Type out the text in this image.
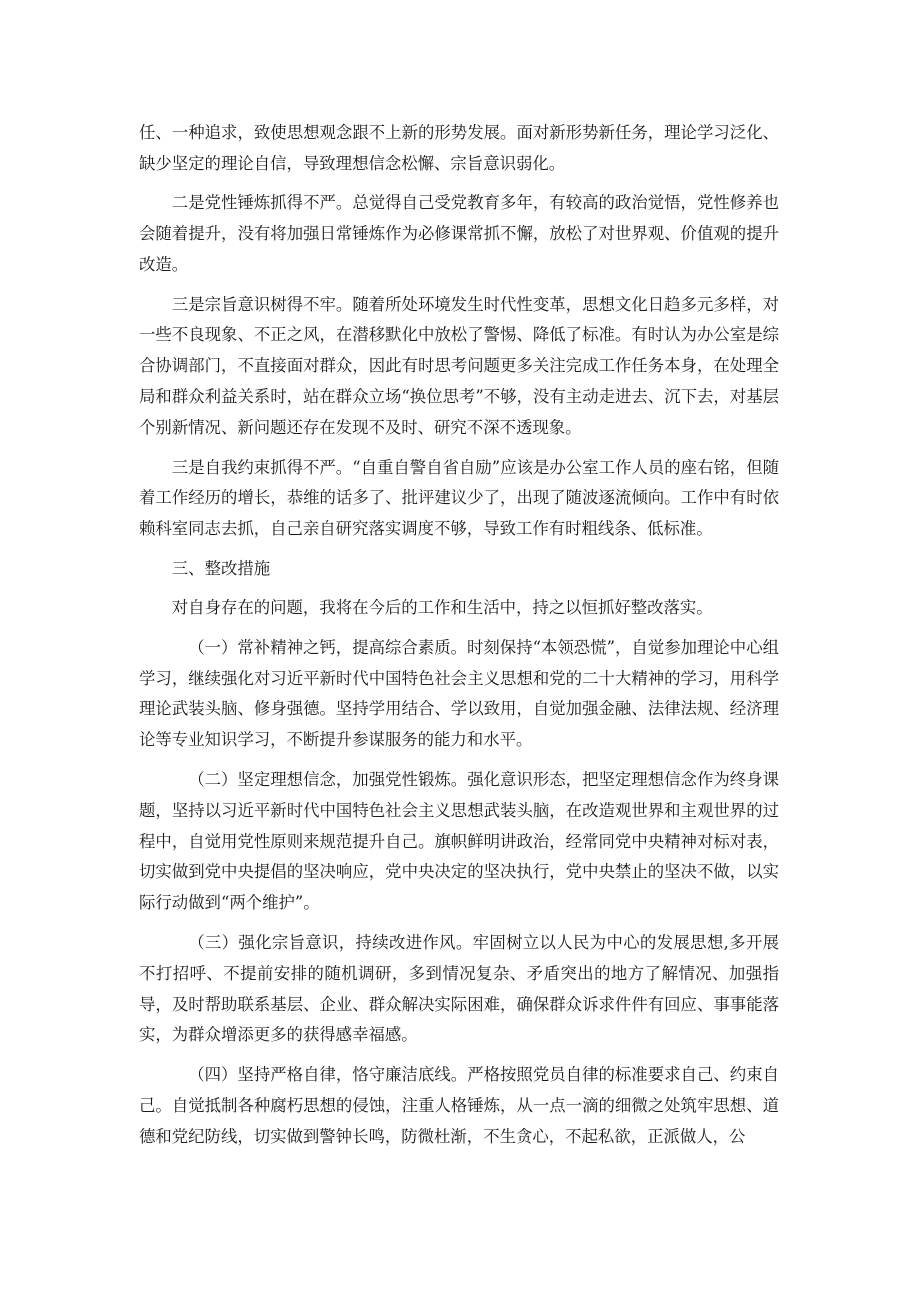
任、一种追求，致使思想观念跟不上新的形势发展。面对新形势新任务，理论学习泛化、缺少坚定的理论自信，导致理想信念松懈、宗旨意识弱化。

二是党性锤炼抓得不严。总觉得自己受党教育多年，有较高的政治觉悟，党性修养也会随着提升，没有将加强日常锤炼作为必修课常抓不懈，放松了对世界观、价值观的提升改造。

三是宗旨意识树得不牢。随着所处环境发生时代性变革，思想文化日趋多元多样，对一些不良现象、不正之风，在潜移默化中放松了警惕、降低了标准。有时认为办公室是综合协调部门，不直接面对群众，因此有时思考问题更多关注完成工作任务本身，在处理全局和群众利益关系时，站在群众立场“换位思考”不够，没有主动走进去、沉下去，对基层个别新情况、新问题还存在发现不及时、研究不深不透现象。

三是自我约束抓得不严。“自重自警自省自励”应该是办公室工作人员的座右铭，但随着工作经历的增长，恭维的话多了、批评建议少了，出现了随波逐流倾向。工作中有时依赖科室同志去抓，自己亲自研究落实调度不够，导致工作有时粗线条、低标准。

三、整改措施

对自身存在的问题，我将在今后的工作和生活中，持之以恒抓好整改落实。

（一）常补精神之钙，提高综合素质。时刻保持“本领恐慌”，自觉参加理论中心组学习，继续强化对习近平新时代中国特色社会主义思想和党的二十大精神的学习，用科学理论武装头脑、修身强德。坚持学用结合、学以致用，自觉加强金融、法律法规、经济理论等专业知识学习，不断提升参谋服务的能力和水平。

（二）坚定理想信念，加强党性锻炼。强化意识形态，把坚定理想信念作为终身课题，坚持以习近平新时代中国特色社会主义思想武装头脑，在改造观世界和主观世界的过程中，自觉用党性原则来规范提升自己。旗帜鲜明讲政治，经常同党中央精神对标对表，切实做到党中央提倡的坚决响应，党中央决定的坚决执行，党中央禁止的坚决不做，以实际行动做到“两个维护”。

（三）强化宗旨意识，持续改进作风。牢固树立以人民为中心的发展思想,多开展不打招呼、不提前安排的随机调研，多到情况复杂、矛盾突出的地方了解情况、加强指导，及时帮助联系基层、企业、群众解决实际困难，确保群众诉求件件有回应、事事能落实，为群众增添更多的获得感幸福感。

（四）坚持严格自律，恪守廉洁底线。严格按照党员自律的标准要求自己、约束自己。自觉抵制各种腐朽思想的侵蚀，注重人格锤炼，从一点一滴的细微之处筑牢思想、道德和党纪防线，切实做到警钟长鸣，防微杜渐，不生贪心，不起私欲，正派做人，公
